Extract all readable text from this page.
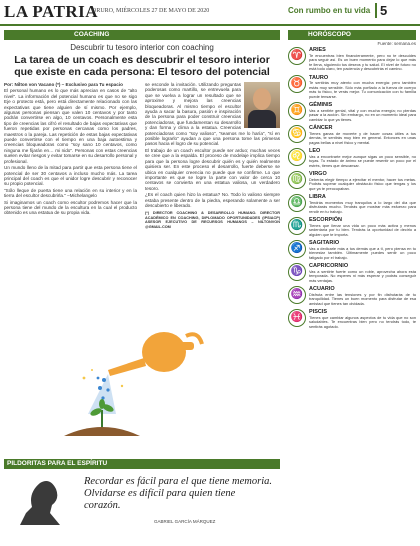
LA PATRIA
ORURO, MIÉRCOLES 27 DE MAYO DE 2020	Con rumbo en tu vida 5
COACHING
Descubrir tu tesoro interior con coaching
La tarea de un coach es descubrir el tesoro interior que existe en cada persona: El tesoro del potencial

Por: Nilton von Vacano (*) – Exclusivo para Tu espacio

El personal humano es lo que más aprecian en casos de "alto nivel". La información del potencial humano es que no se sigo Eje o protecto está, pero está directamente relacionado con las expectativas que tiene alguien de sí mismo. Por ejemplo, algunas personas piensan que valen 10 centavos y por tanto podrán convertirse en algo, 10 centavos. Personalmente esta tipo de creencias las cifró el resultado de bajas expectativas que fueron repetidas por personas cercanas como los padres, maestros o la pareja. Las repetición de estas bajas expectativas puede convertirse con el tiempo en una baja autoestima y creencias bloqueadoras como "soy sano 10 centavos, como ninguna me fijarán en… mi nido". Personas con estas creencias suelen evitar riesgos y evitar tomarse en su desarrollo personal y profesional.

Un mundo lleno de la mitad para partir que esta persona tiene el potencial de ser 30 centavos a incluso mucho más. La tarea principal del coach es que el unidor logre descubrir y reconocer su propio potencial.

"Sólo lleque de puerta tiene una relación en su interior y en la tierra del escultor descubrirla." –Michelangelo

Si imaginamos un coach como escultor podremos hacer que la persona tiene del mundo de la escultura en la cual el producto obtenido es una estatua de su propia vida.

se esconde la invitación. Utilizando preguntas poderosas como martillo, se entrevuela para que se vuelva a lograr un resultado que se aproxime y mejora las creencias bloqueadoras. Al mismo tiempo el escultor ayuda a sacar la basura, pasión e inspiración de la persona para poder construir creencias potenciadoras, que fundamentan su desarrollo y dan forma y clima a la estatua. Creencias potenciadoras como "soy valioso", "seamos me lo haría", "sí en posible lograrlo" ayudan a que una persona tome las primeras pasos hacia el logro de su potencial.

El trabajo de un coach escultor puede ser arduo; muchas veces se cree que a la espalda. El proceso de modelaje implica tiempo para que la persona logre descubrir quién es y quién realmente quisiera ser. En este proceso el desarrollo, fuerte deberse se ubica en cualquier creencia no puede que se confirme. Lo que importante es que se logre la parte con valor de cerca 10 centavos se convierta en una estatua valiosa, un verdadero tesoro.

¿Es el coach quien hizo la estatua? No. Todo lo valioso siempre estaba presente dentro de la piedra, esperando solamente a ser descubierto e liberado.

(*) DIRECTOR COACHING & DESARROLLO HUMANO. DIRECTOR ACADÉMICO EN COACHING, DIPLOMADO OPORTUNIDADES (IPSIACP) ASESOR EJECUTIVO DE RECURSOS HUMANOS – NILTONVON @GMAIL.COM
PILDORITAS PARA EL ESPÍRITU
Recordar es fácil para el que tiene memoria. Olvidarse es difícil para quien tiene corazón.
GABRIEL GARCÍA MÁRQUEZ
HORÓSCOPO
Fuente: semana.es
♈	ARIES
Te encuentras bien financieramente, pero no te descuides para seguir así. Es un buen momento para dejar lo que más te llena, siguiendo tus deseos y tu salud. El nivel de futuro no está todo claro, ten paciencia y descubrirás el camino.
♉	TAURO
Te sentirás muy atento con mucha energía: pero también estás muy sensible. Sólo más porfiado a la fuerza de cuerpo más tu físico, te verás mejor. Tu comunicación con tu familia puede tensarse.
♊	GÉMINIS
Vas a sentirte genial, vital y con mucha energía; no pierdas pasar a la acción. Sin embargo, no en un momento ideal para cambiar lo que ya tienes.
♋	CÁNCER
Tienes ganas de moverte y de hacer cosas útiles a tus demás, te sentirás muy bien en general. Entonces en unas pagas bellas a nivel físico y mental.
♌	LEO
Vas a encontrarte mejor aunque sigas un poco sensible, no tuyas. Tu estado de ánimo se puede resentir un poco por el estrés, tienes que descansar.
♍	VIRGO
Deberás elegir tiempo a ejercitar el mentor, hacer tus metas. Podrás superar cualquier obstáculo físico que tengas y los que ya te preocupaban.
♎	LIBRA
Tendrás momentos muy tranquilos a lo largo del día que disfrutarás mucho. Tendrás que mostrar más esfuerzo para rendir en tu trabajo.
♏	ESCORPIÓN
Tienes que llenar una vida un poco más activa y menos sedentaria por tu bien. Tendrás la oportunidad de decirlo a alguien que te importa.
♐	SAGITARIO
Vas a dedicarle más a tus demás que a ti, pero piensa en tu bienestar también. Últimamente puedes sentir un poco fatigado por el trabajo.
♑	CAPRICORNIO
Vas a sentirte fuerte como un roble, aprovecha ahora esta temporada. No esperes ni más esperar y podrás conseguir más ventajas.
♒	ACUARIO
Disfruta entre las tensiones y por fin disfrutarás de tu tranquilidad. Tienes un buen momento para disfrutar de esa amistad que tienes tan olvidada.
♓	PISCIS
Tienes que cambiar algunos aspectos de tu vida que no son saludables. Te encuentras bien pero no tendrás todo, te sentirás agotado.
